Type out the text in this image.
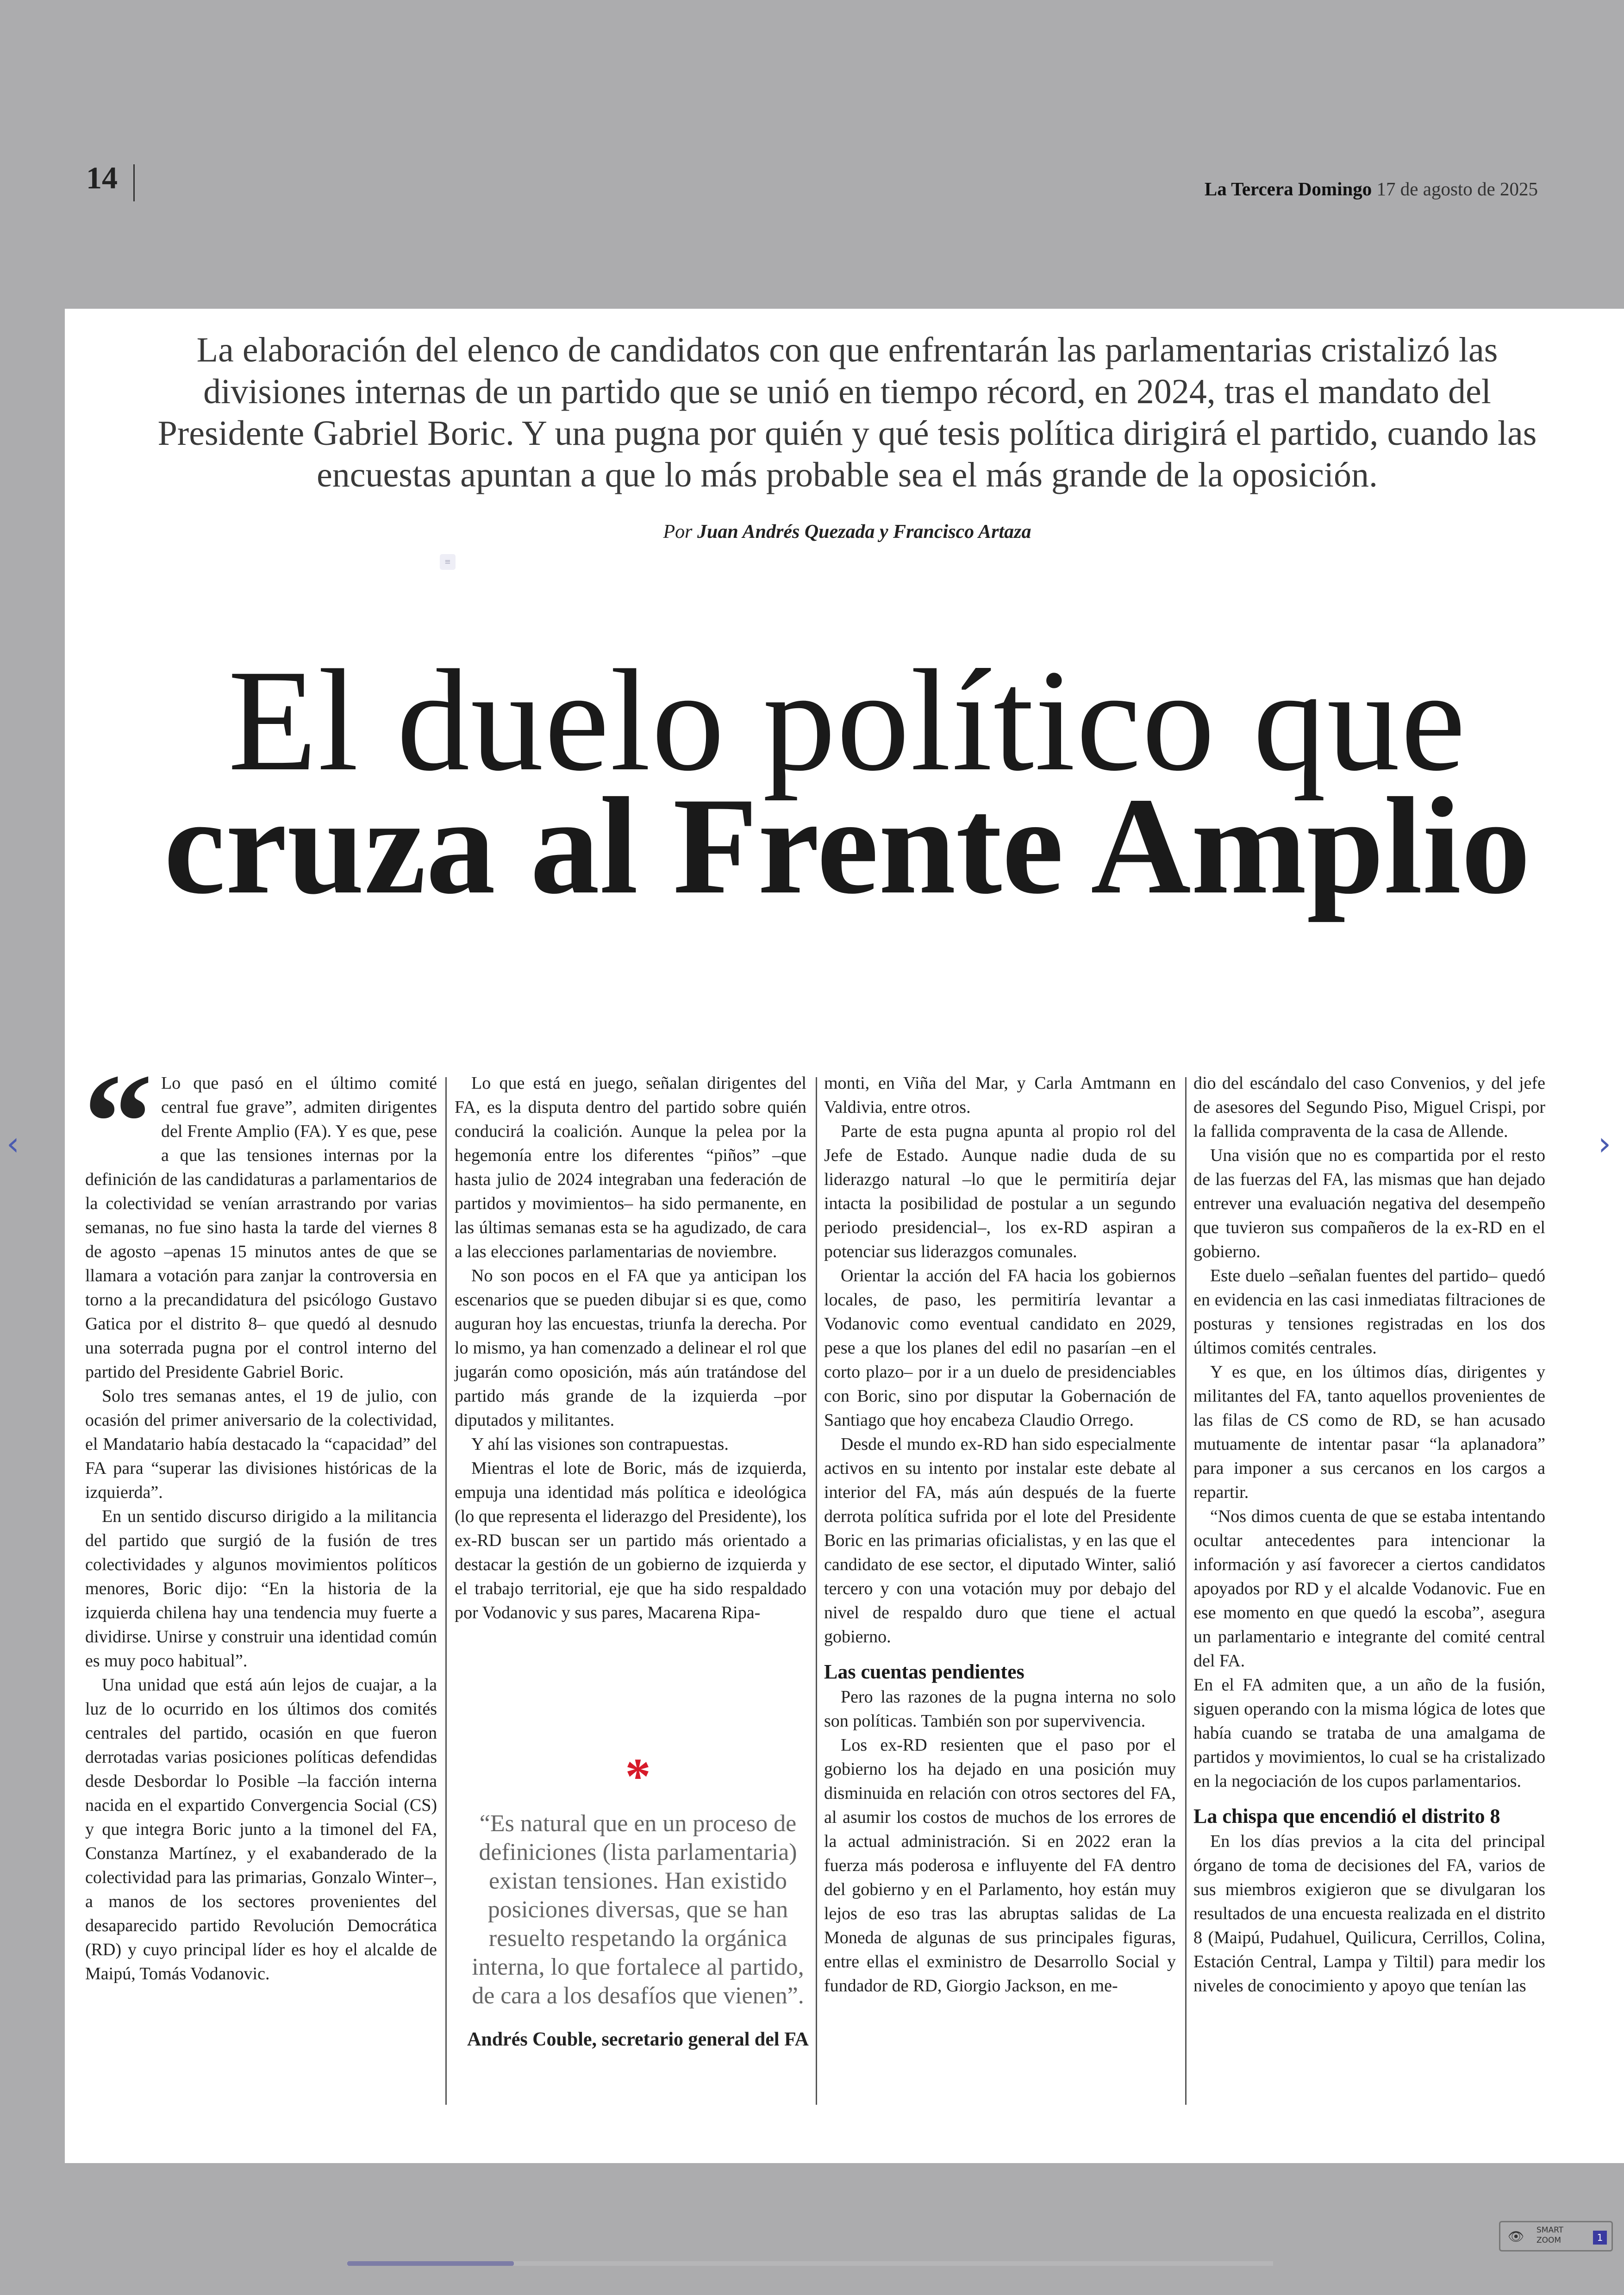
14	La Tercera Domingo 17 de agosto de 2025
La elaboración del elenco de candidatos con que enfrentarán las parlamentarias cristalizó las divisiones internas de un partido que se unió en tiempo récord, en 2024, tras el mandato del Presidente Gabriel Boric. Y una pugna por quién y qué tesis política dirigirá el partido, cuando las encuestas apuntan a que lo más probable sea el más grande de la oposición.
Por Juan Andrés Quezada y Francisco Artaza
≡
El duelo político que
cruza al Frente Amplio
“ Lo que pasó en el último comité central fue grave”, admiten dirigentes del Frente Amplio (FA). Y es que, pese a que las tensiones internas por la definición de las candidaturas a parlamentarios de la colectividad se venían arrastrando por varias semanas, no fue sino hasta la tarde del viernes 8 de agosto –apenas 15 minutos antes de que se llamara a votación para zanjar la controversia en torno a la precandidatura del psicólogo Gustavo Gatica por el distrito 8– que quedó al desnudo una soterrada pugna por el control interno del partido del Presidente Gabriel Boric.

Solo tres semanas antes, el 19 de julio, con ocasión del primer aniversario de la colectividad, el Mandatario había destacado la “capacidad” del FA para “superar las divisiones históricas de la izquierda”.

En un sentido discurso dirigido a la militancia del partido que surgió de la fusión de tres colectividades y algunos movimientos políticos menores, Boric dijo: “En la historia de la izquierda chilena hay una tendencia muy fuerte a dividirse. Unirse y construir una identidad común es muy poco habitual”.

Una unidad que está aún lejos de cuajar, a la luz de lo ocurrido en los últimos dos comités centrales del partido, ocasión en que fueron derrotadas varias posiciones políticas defendidas desde Desbordar lo Posible –la facción interna nacida en el expartido Convergencia Social (CS) y que integra Boric junto a la timonel del FA, Constanza Martínez, y el exabanderado de la colectividad para las primarias, Gonzalo Winter–, a manos de los sectores provenientes del desaparecido partido Revolución Democrática (RD) y cuyo principal líder es hoy el alcalde de Maipú, Tomás Vodanovic.

Lo que está en juego, señalan dirigentes del FA, es la disputa dentro del partido sobre quién conducirá la coalición. Aunque la pelea por la hegemonía entre los diferentes “piños” –que hasta julio de 2024 integraban una federación de partidos y movimientos– ha sido permanente, en las últimas semanas esta se ha agudizado, de cara a las elecciones parlamentarias de noviembre.

No son pocos en el FA que ya anticipan los escenarios que se pueden dibujar si es que, como auguran hoy las encuestas, triunfa la derecha. Por lo mismo, ya han comenzado a delinear el rol que jugarán como oposición, más aún tratándose del partido más grande de la izquierda –por diputados y militantes.

Y ahí las visiones son contrapuestas.

Mientras el lote de Boric, más de izquierda, empuja una identidad más política e ideológica (lo que representa el liderazgo del Presidente), los ex-RD buscan ser un partido más orientado a destacar la gestión de un gobierno de izquierda y el trabajo territorial, eje que ha sido respaldado por Vodanovic y sus pares, Macarena Ripa-

*
“Es natural que en un proceso de definiciones (lista parlamentaria) existan tensiones. Han existido posiciones diversas, que se han resuelto respetando la orgánica interna, lo que fortalece al partido, de cara a los desafíos que vienen”.
Andrés Couble, secretario general del FA

monti, en Viña del Mar, y Carla Amtmann en Valdivia, entre otros.

Parte de esta pugna apunta al propio rol del Jefe de Estado. Aunque nadie duda de su liderazgo natural –lo que le permitiría dejar intacta la posibilidad de postular a un segundo periodo presidencial–, los ex-RD aspiran a potenciar sus liderazgos comunales.

Orientar la acción del FA hacia los gobiernos locales, de paso, les permitiría levantar a Vodanovic como eventual candidato en 2029, pese a que los planes del edil no pasarían –en el corto plazo– por ir a un duelo de presidenciables con Boric, sino por disputar la Gobernación de Santiago que hoy encabeza Claudio Orrego.

Desde el mundo ex-RD han sido especialmente activos en su intento por instalar este debate al interior del FA, más aún después de la fuerte derrota política sufrida por el lote del Presidente Boric en las primarias oficialistas, y en las que el candidato de ese sector, el diputado Winter, salió tercero y con una votación muy por debajo del nivel de respaldo duro que tiene el actual gobierno.

Las cuentas pendientes

Pero las razones de la pugna interna no solo son políticas. También son por supervivencia.

Los ex-RD resienten que el paso por el gobierno los ha dejado en una posición muy disminuida en relación con otros sectores del FA, al asumir los costos de muchos de los errores de la actual administración. Si en 2022 eran la fuerza más poderosa e influyente del FA dentro del gobierno y en el Parlamento, hoy están muy lejos de eso tras las abruptas salidas de La Moneda de algunas de sus principales figuras, entre ellas el exministro de Desarrollo Social y fundador de RD, Giorgio Jackson, en me-

dio del escándalo del caso Convenios, y del jefe de asesores del Segundo Piso, Miguel Crispi, por la fallida compraventa de la casa de Allende.

Una visión que no es compartida por el resto de las fuerzas del FA, las mismas que han dejado entrever una evaluación negativa del desempeño que tuvieron sus compañeros de la ex-RD en el gobierno.

Este duelo –señalan fuentes del partido– quedó en evidencia en las casi inmediatas filtraciones de posturas y tensiones registradas en los dos últimos comités centrales.

Y es que, en los últimos días, dirigentes y militantes del FA, tanto aquellos provenientes de las filas de CS como de RD, se han acusado mutuamente de intentar pasar “la aplanadora” para imponer a sus cercanos en los cargos a repartir.

“Nos dimos cuenta de que se estaba intentando ocultar antecedentes para intencionar la información y así favorecer a ciertos candidatos apoyados por RD y el alcalde Vodanovic. Fue en ese momento en que quedó la escoba”, asegura un parlamentario e integrante del comité central del FA.

En el FA admiten que, a un año de la fusión, siguen operando con la misma lógica de lotes que había cuando se trataba de una amalgama de partidos y movimientos, lo cual se ha cristalizado en la negociación de los cupos parlamentarios.

La chispa que encendió el distrito 8

En los días previos a la cita del principal órgano de toma de decisiones del FA, varios de sus miembros exigieron que se divulgaran los resultados de una encuesta realizada en el distrito 8 (Maipú, Pudahuel, Quilicura, Cerrillos, Colina, Estación Central, Lampa y Tiltil) para medir los niveles de conocimiento y apoyo que tenían las

‹	›
👁 SMART ZOOM	1
